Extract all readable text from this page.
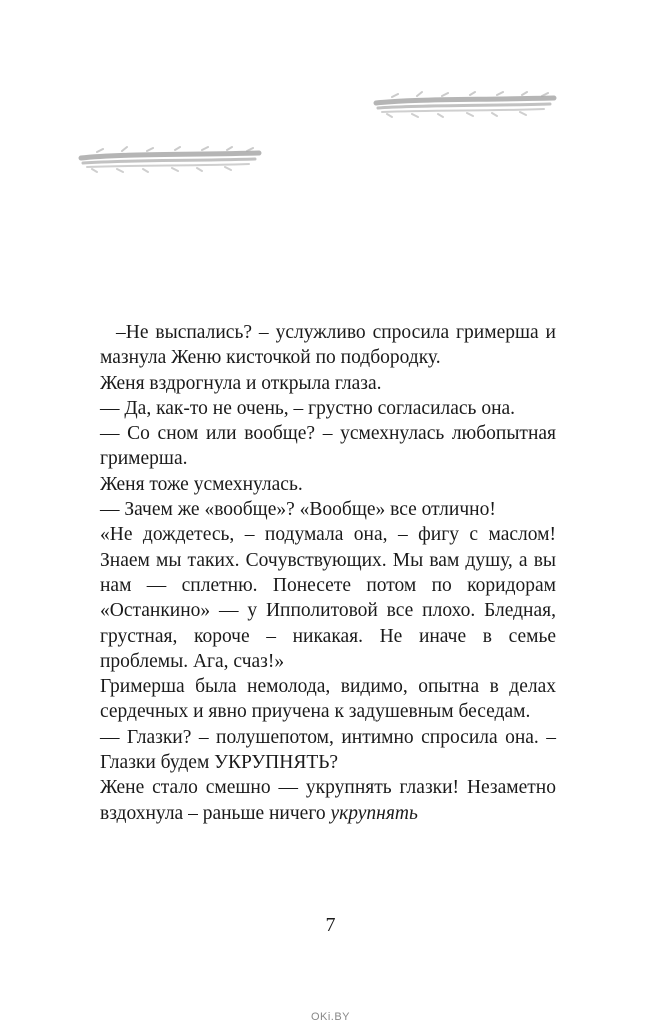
–Не выспались? – услужливо спросила гримерша и мазнула Женю кисточкой по подбородку.

Женя вздрогнула и открыла глаза.

— Да, как-то не очень, – грустно согласилась она.

— Со сном или вообще? – усмехнулась любопытная гримерша.

Женя тоже усмехнулась.

— Зачем же «вообще»? «Вообще» все отлично!

«Не дождетесь, – подумала она, – фигу с маслом! Знаем мы таких. Сочувствующих. Мы вам душу, а вы нам — сплетню. Понесете потом по коридорам «Останкино» — у Ипполитовой все плохо. Бледная, грустная, короче – никакая. Не иначе в семье проблемы. Ага, счаз!»

Гримерша была немолода, видимо, опытна в делах сердечных и явно приучена к задушевным беседам.

— Глазки? – полушепотом, интимно спросила она. – Глазки будем УКРУПНЯТЬ?

Жене стало смешно — укрупнять глазки! Незаметно вздохнула – раньше ничего укрупнять

7
OKi.BY
